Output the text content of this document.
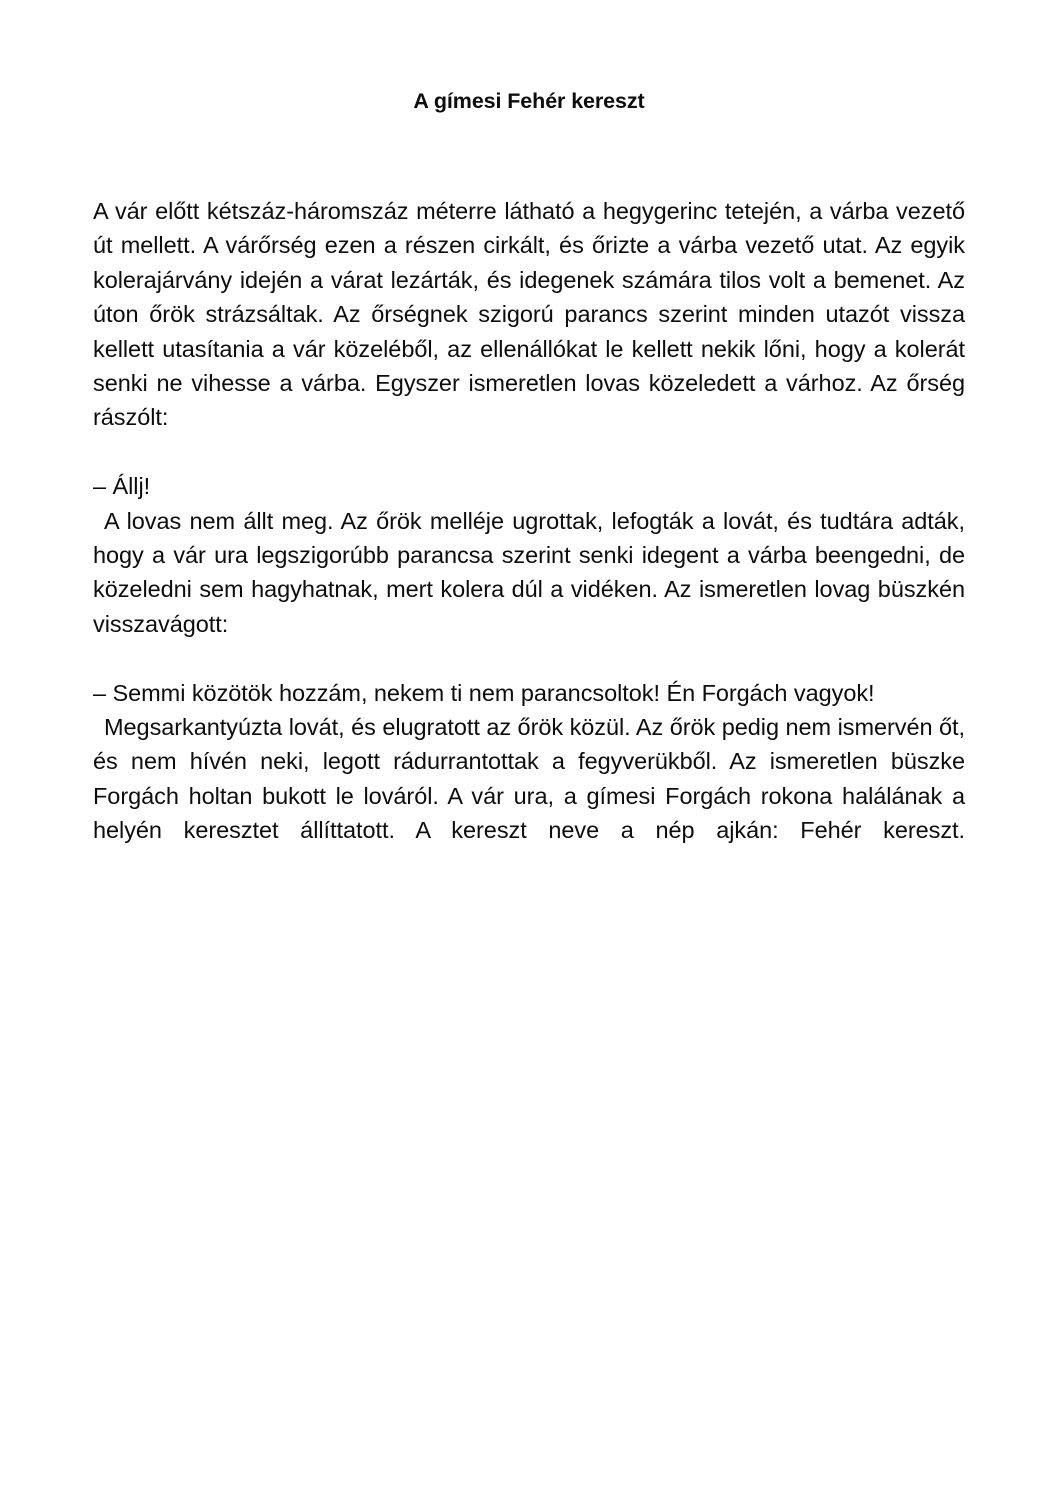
A gímesi Fehér kereszt

A vár előtt kétszáz-háromszáz méterre látható a hegygerinc tetején, a várba vezető út mellett. A várőrség ezen a részen cirkált, és őrizte a várba vezető utat. Az egyik kolerajárvány idején a várat lezárták, és idegenek számára tilos volt a bemenet. Az úton őrök strázsáltak. Az őrségnek szigorú parancs szerint minden utazót vissza kellett utasítania a vár közeléből, az ellenállókat le kellett nekik lőni, hogy a kolerát senki ne vihesse a várba. Egyszer ismeretlen lovas közeledett a várhoz. Az őrség rászólt:

– Állj!

A lovas nem állt meg. Az őrök melléje ugrottak, lefogták a lovát, és tudtára adták, hogy a vár ura legszigorúbb parancsa szerint senki idegent a várba beengedni, de közeledni sem hagyhatnak, mert kolera dúl a vidéken. Az ismeretlen lovag büszkén visszavágott:

– Semmi közötök hozzám, nekem ti nem parancsoltok! Én Forgách vagyok!

Megsarkantyúzta lovát, és elugratott az őrök közül. Az őrök pedig nem ismervén őt, és nem hívén neki, legott rádurrantottak a fegyverükből. Az ismeretlen büszke Forgách holtan bukott le lováról. A vár ura, a gímesi Forgách rokona halálának a helyén keresztet állíttatott. A kereszt neve a nép ajkán: Fehér kereszt.
